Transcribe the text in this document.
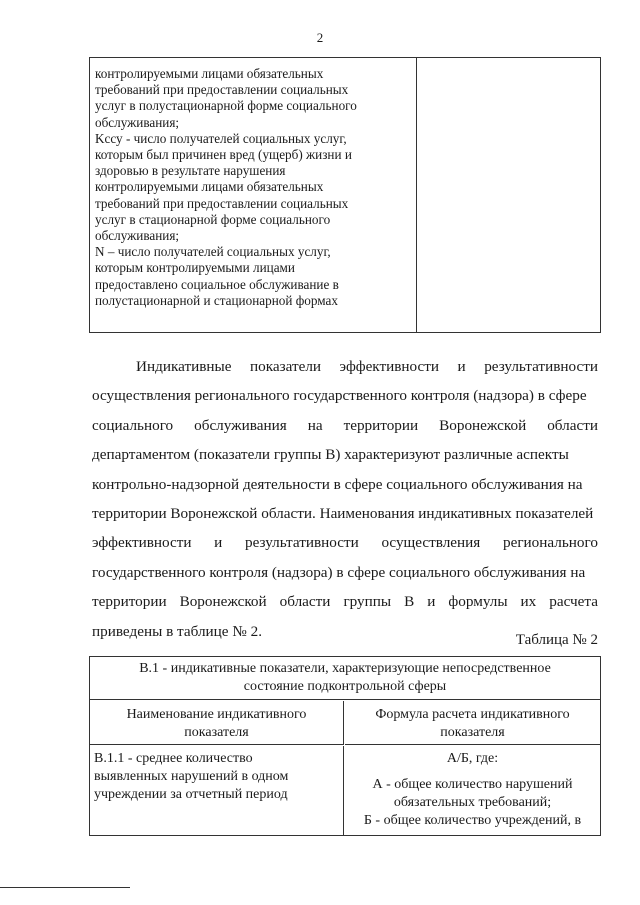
2
контролируемыми лицами обязательных
требований при предоставлении социальных
услуг в полустационарной форме социального
обслуживания;
Kссу - число получателей социальных услуг,
которым был причинен вред (ущерб) жизни и
здоровью в результате нарушения
контролируемыми лицами обязательных
требований при предоставлении социальных
услуг в стационарной форме социального
обслуживания;
N – число получателей социальных услуг,
которым контролируемыми лицами
предоставлено социальное обслуживание в
полустационарной и стационарной формах
Индикативные показатели эффективности и результативности
осуществления регионального государственного контроля (надзора) в сфере
социального обслуживания на территории Воронежской области
департаментом (показатели группы В) характеризуют различные аспекты
контрольно-надзорной деятельности в сфере социального обслуживания на
территории Воронежской области. Наименования индикативных показателей
эффективности и результативности осуществления регионального
государственного контроля (надзора) в сфере социального обслуживания на
территории Воронежской области группы В и формулы их расчета
приведены в таблице № 2.
Таблица № 2
В.1 - индикативные показатели, характеризующие непосредственное
состояние подконтрольной сферы
Наименование индикативного
показателя
Формула расчета индикативного
показателя
В.1.1 - среднее количество
выявленных нарушений в одном
учреждении за отчетный период
А/Б, где:
А - общее количество нарушений
обязательных требований;
Б - общее количество учреждений, в
